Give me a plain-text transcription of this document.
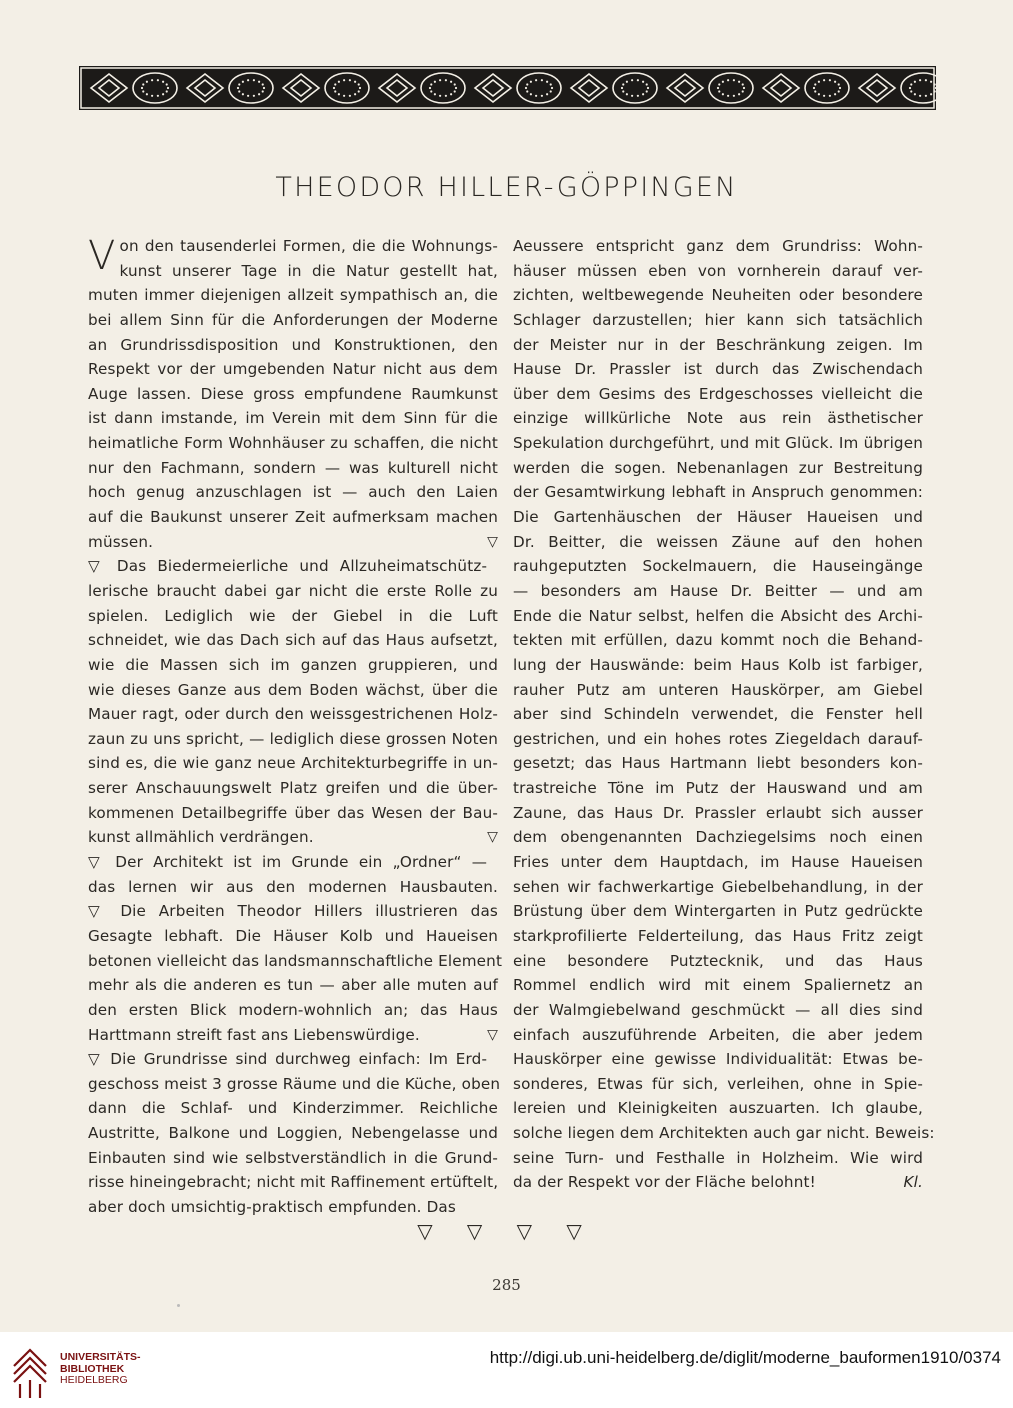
THEODOR HILLER-GÖPPINGEN
V on den tausenderlei Formen, die die Wohnungs-
kunst unserer Tage in die Natur gestellt hat,
muten immer diejenigen allzeit sympathisch an, die
bei allem Sinn für die Anforderungen der Moderne
an Grundrissdisposition und Konstruktionen, den
Respekt vor der umgebenden Natur nicht aus dem
Auge lassen. Diese gross empfundene Raumkunst
ist dann imstande, im Verein mit dem Sinn für die
heimatliche Form Wohnhäuser zu schaffen, die nicht
nur den Fachmann, sondern — was kulturell nicht
hoch genug anzuschlagen ist — auch den Laien
auf die Baukunst unserer Zeit aufmerksam machen
müssen.	▽
▽ Das Biedermeierliche und Allzuheimatschütz-
lerische braucht dabei gar nicht die erste Rolle zu
spielen. Lediglich wie der Giebel in die Luft
schneidet, wie das Dach sich auf das Haus aufsetzt,
wie die Massen sich im ganzen gruppieren, und
wie dieses Ganze aus dem Boden wächst, über die
Mauer ragt, oder durch den weissgestrichenen Holz-
zaun zu uns spricht, — lediglich diese grossen Noten
sind es, die wie ganz neue Architekturbegriffe in un-
serer Anschauungswelt Platz greifen und die über-
kommenen Detailbegriffe über das Wesen der Bau-
kunst allmählich verdrängen.	▽
▽ Der Architekt ist im Grunde ein „Ordner“ —
das lernen wir aus den modernen Hausbauten.
▽ Die Arbeiten Theodor Hillers illustrieren das
Gesagte lebhaft. Die Häuser Kolb und Haueisen
betonen vielleicht das landsmannschaftliche Element
mehr als die anderen es tun — aber alle muten auf
den ersten Blick modern-wohnlich an; das Haus
Harttmann streift fast ans Liebenswürdige.	▽
▽ Die Grundrisse sind durchweg einfach: Im Erd-
geschoss meist 3 grosse Räume und die Küche, oben
dann die Schlaf- und Kinderzimmer. Reichliche
Austritte, Balkone und Loggien, Nebengelasse und
Einbauten sind wie selbstverständlich in die Grund-
risse hineingebracht; nicht mit Raffinement ertüftelt,
aber doch umsichtig-praktisch empfunden. Das
Aeussere entspricht ganz dem Grundriss: Wohn-
häuser müssen eben von vornherein darauf ver-
zichten, weltbewegende Neuheiten oder besondere
Schlager darzustellen; hier kann sich tatsächlich
der Meister nur in der Beschränkung zeigen. Im
Hause Dr. Prassler ist durch das Zwischendach
über dem Gesims des Erdgeschosses vielleicht die
einzige willkürliche Note aus rein ästhetischer
Spekulation durchgeführt, und mit Glück. Im übrigen
werden die sogen. Nebenanlagen zur Bestreitung
der Gesamtwirkung lebhaft in Anspruch genommen:
Die Gartenhäuschen der Häuser Haueisen und
Dr. Beitter, die weissen Zäune auf den hohen
rauhgeputzten Sockelmauern, die Hauseingänge
— besonders am Hause Dr. Beitter — und am
Ende die Natur selbst, helfen die Absicht des Archi-
tekten mit erfüllen, dazu kommt noch die Behand-
lung der Hauswände: beim Haus Kolb ist farbiger,
rauher Putz am unteren Hauskörper, am Giebel
aber sind Schindeln verwendet, die Fenster hell
gestrichen, und ein hohes rotes Ziegeldach darauf-
gesetzt; das Haus Hartmann liebt besonders kon-
trastreiche Töne im Putz der Hauswand und am
Zaune, das Haus Dr. Prassler erlaubt sich ausser
dem obengenannten Dachziegelsims noch einen
Fries unter dem Hauptdach, im Hause Haueisen
sehen wir fachwerkartige Giebelbehandlung, in der
Brüstung über dem Wintergarten in Putz gedrückte
starkprofilierte Felderteilung, das Haus Fritz zeigt
eine besondere Putztecknik, und das Haus
Rommel endlich wird mit einem Spaliernetz an
der Walmgiebelwand geschmückt — all dies sind
einfach auszuführende Arbeiten, die aber jedem
Hauskörper eine gewisse Individualität: Etwas be-
sonderes, Etwas für sich, verleihen, ohne in Spie-
lereien und Kleinigkeiten auszuarten. Ich glaube,
solche liegen dem Architekten auch gar nicht. Beweis:
seine Turn- und Festhalle in Holzheim. Wie wird
da der Respekt vor der Fläche belohnt!	Kl.
▽ ▽ ▽ ▽
285
UNIVERSITÄTS-
BIBLIOTHEK
HEIDELBERG
http://digi.ub.uni-heidelberg.de/diglit/moderne_bauformen1910/0374
